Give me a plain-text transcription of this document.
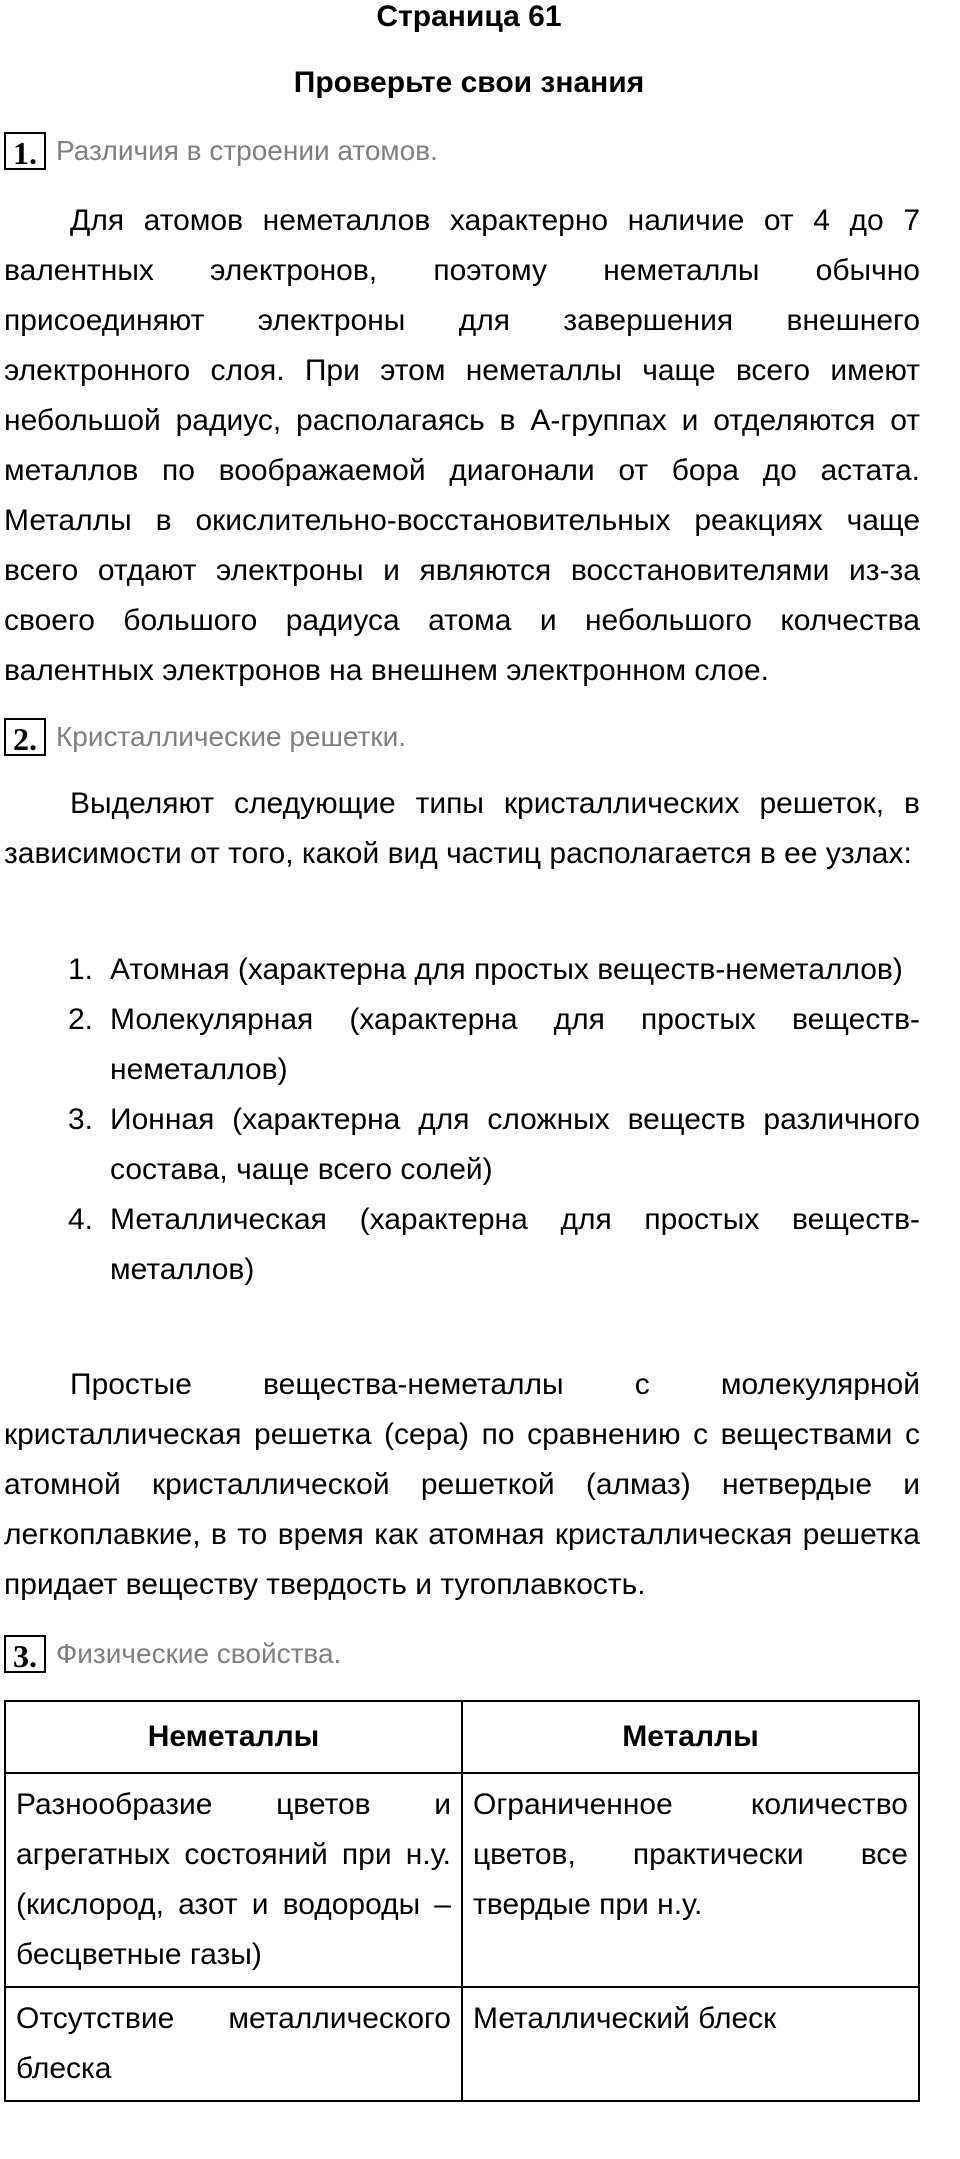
Страница 61
Проверьте свои знания
1. Различия в строении атомов.

Для атомов неметаллов характерно наличие от 4 до 7 валентных электронов, поэтому неметаллы обычно присоединяют электроны для завершения внешнего электронного слоя. При этом неметаллы чаще всего имеют небольшой радиус, располагаясь в А-группах и отделяются от металлов по воображаемой диагонали от бора до астата. Металлы в окислительно-восстановительных реакциях чаще всего отдают электроны и являются восстановителями из-за своего большого радиуса атома и небольшого колчества валентных электронов на внешнем электронном слое.

2. Кристаллические решетки.

Выделяют следующие типы кристаллических решеток, в зависимости от того, какой вид частиц располагается в ее узлах:

1. Атомная (характерна для простых веществ-неметаллов)
2. Молекулярная (характерна для простых веществ-неметаллов)
3. Ионная (характерна для сложных веществ различного состава, чаще всего солей)
4. Металлическая (характерна для простых веществ-металлов)

Простые вещества-неметаллы с молекулярной кристаллическая решетка (сера) по сравнению с веществами с атомной кристаллической решеткой (алмаз) нетвердые и легкоплавкие, в то время как атомная кристаллическая решетка придает веществу твердость и тугоплавкость.

3. Физические свойства.
Неметаллы	Металлы
Разнообразие цветов и агрегатных состояний при н.у. (кислород, азот и водороды – бесцветные газы)	Ограниченное количество цветов, практически все твердые при н.у.
Отсутствие металлического блеска	Металлический блеск
